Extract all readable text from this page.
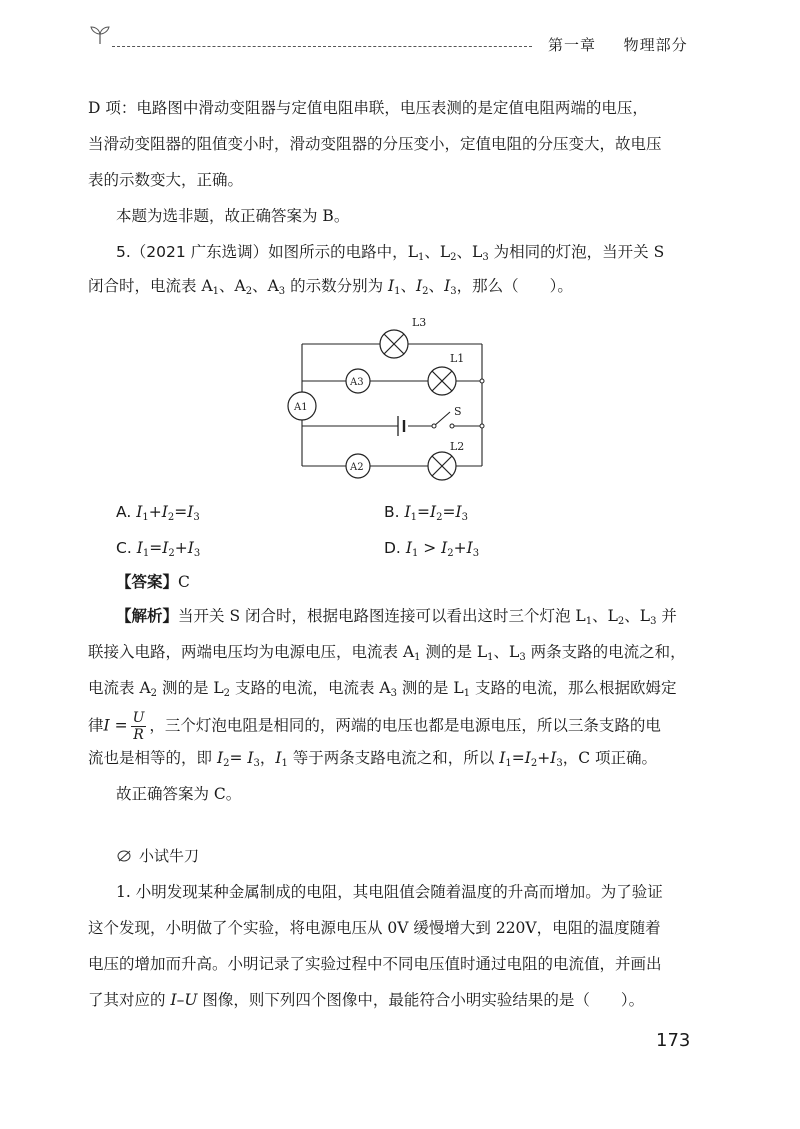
第一章 物理部分
D 项：电路图中滑动变阻器与定值电阻串联，电压表测的是定值电阻两端的电压，
当滑动变阻器的阻值变小时，滑动变阻器的分压变小，定值电阻的分压变大，故电压
表的示数变大，正确。
本题为选非题，故正确答案为 B。
5.（2021 广东选调）如图所示的电路中，$L_1$、$L_2$、$L_3$ 为相同的灯泡，当开关 S
闭合时，电流表 $A_1$、$A_2$、$A_3$ 的示数分别为 $I_1$、$I_2$、$I_3$，那么（　　）。
L3
L1
L2
S
A1
A3
A2
A. $I_1+I_2=I_3$	B. $I_1=I_2=I_3$
C. $I_1=I_2+I_3$	D. $I_1 > I_2+I_3$
【答案】C
【解析】当开关 S 闭合时，根据电路图连接可以看出这时三个灯泡 $L_1$、$L_2$、$L_3$ 并
联接入电路，两端电压均为电源电压，电流表 $A_1$ 测的是 $L_1$、$L_3$ 两条支路的电流之和，
电流表 $A_2$ 测的是 $L_2$ 支路的电流，电流表 $A_3$ 测的是 $L_1$ 支路的电流，那么根据欧姆定
律$I = \frac{U}{R}$ ，三个灯泡电阻是相同的，两端的电压也都是电源电压，所以三条支路的电
流也是相等的，即 $I_2= I_3$，$I_1$ 等于两条支路电流之和，所以 $I_1=I_2+I_3$，C 项正确。
故正确答案为 C。
小试牛刀
1. 小明发现某种金属制成的电阻，其电阻值会随着温度的升高而增加。为了验证
这个发现，小明做了个实验，将电源电压从 0V 缓慢增大到 220V，电阻的温度随着
电压的增加而升高。小明记录了实验过程中不同电压值时通过电阻的电流值，并画出
了其对应的 I–U 图像，则下列四个图像中，最能符合小明实验结果的是（　　）。
173
